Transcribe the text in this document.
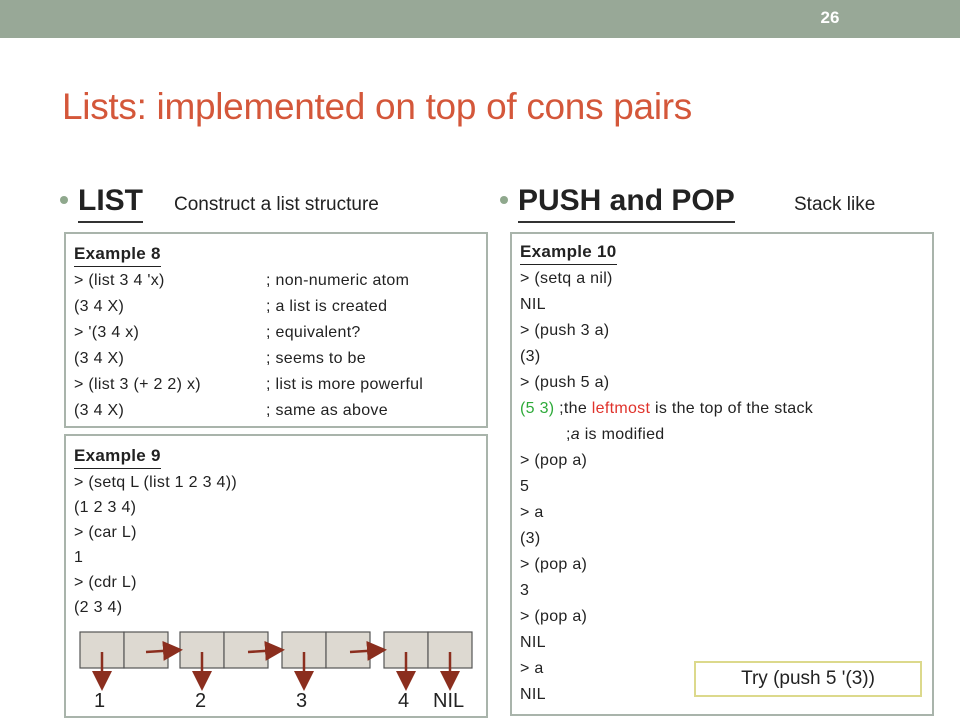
26
Lists: implemented on top of cons pairs
LIST Construct a list structure	PUSH and POP	Stack like
Example 8
> (list 3 4 'x)	; non-numeric atom
(3 4 X)	; a list is created
> '(3 4 x)	; equivalent?
(3 4 X)	; seems to be
> (list 3 (+ 2 2) x)	; list is more powerful
(3 4 X)	; same as above
Example 9
> (setq L (list 1 2 3 4))
(1 2 3 4)
> (car L)
1
> (cdr L)
(2 3 4)
1	2	3	4 NIL
Example 10
> (setq a nil)
NIL
> (push 3 a)
(3)
> (push 5 a)
(5 3) ;the leftmost is the top of the stack
;a is modified
> (pop a)
5
> a
(3)
> (pop a)
3
> (pop a)
NIL
> a
NIL
Try (push 5 '(3))
